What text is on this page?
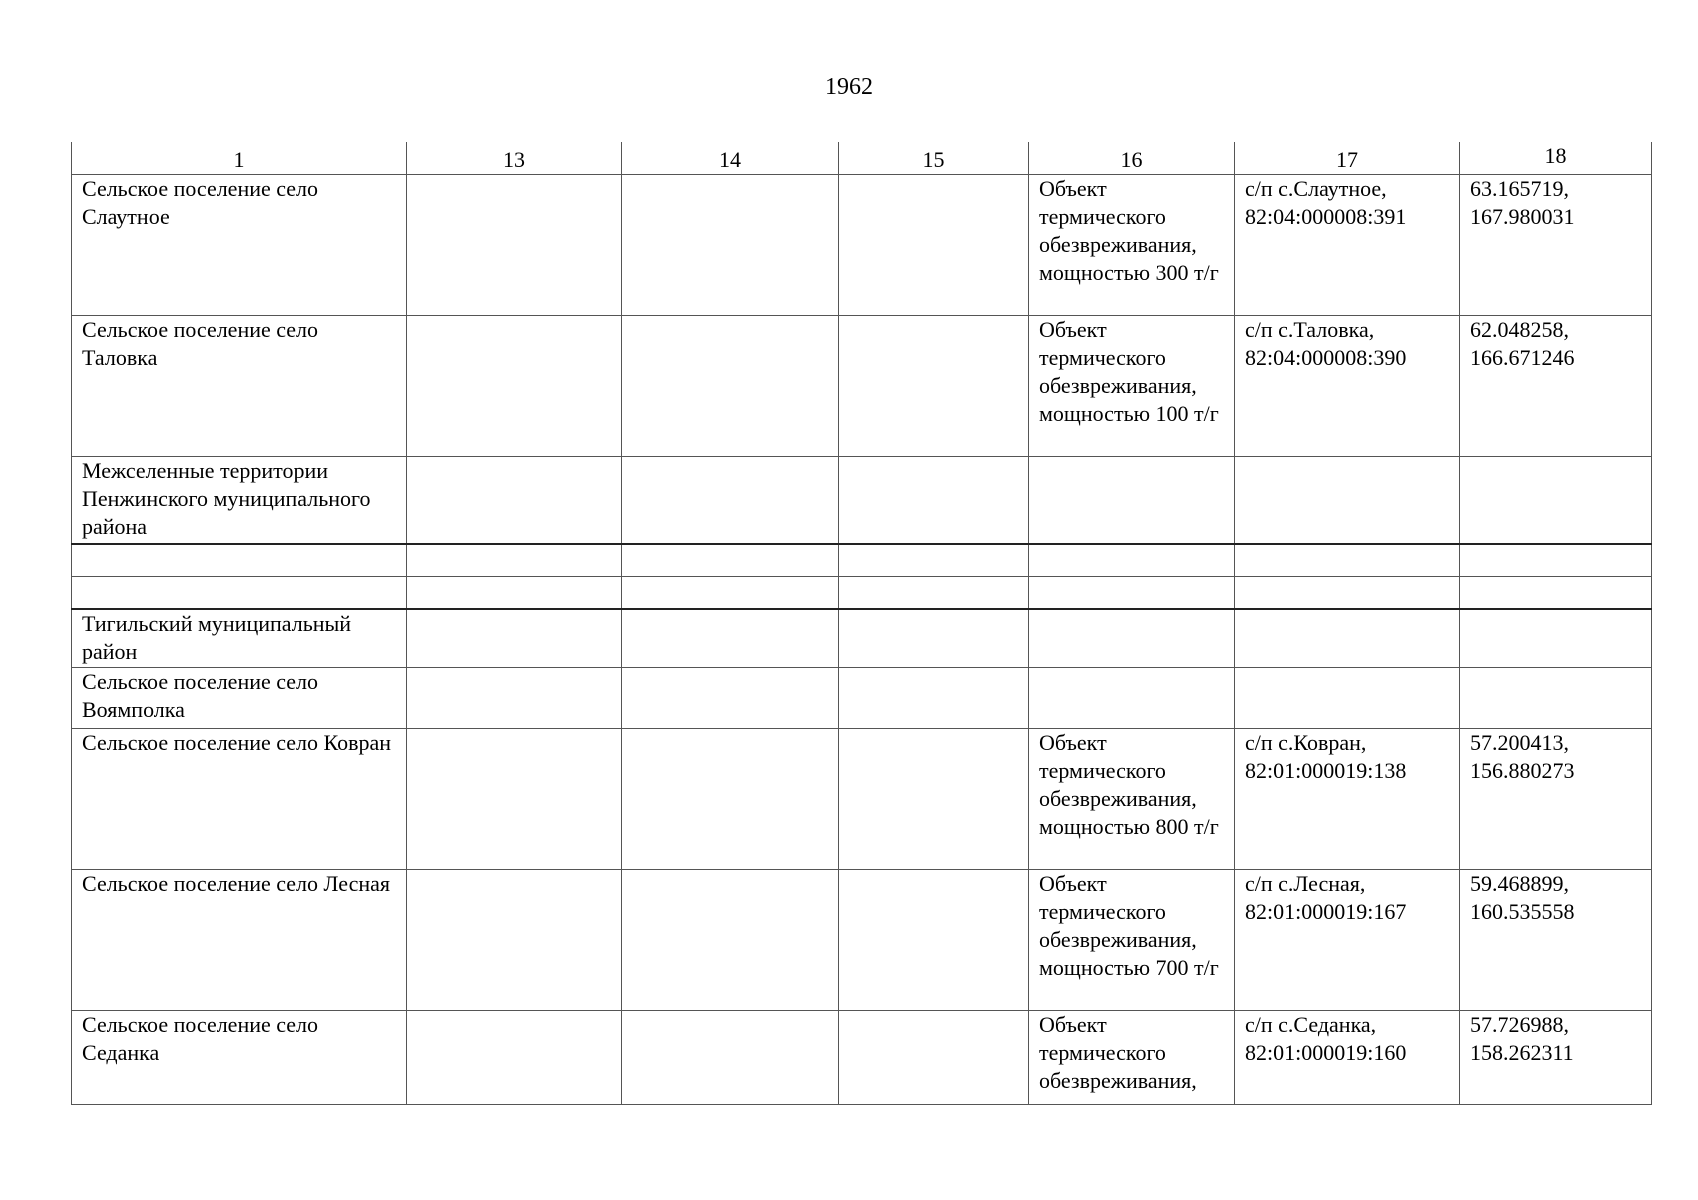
1962
1	13	14	15	16	17	18
Сельское поселение село Слаутное				Объект термического обезвреживания, мощностью 300 т/г	с/п с.Слаутное, 82:04:000008:391	63.165719, 167.980031
Сельское поселение село Таловка				Объект термического обезвреживания, мощностью 100 т/г	с/п с.Таловка, 82:04:000008:390	62.048258, 166.671246
Межселенные территории Пенжинского муниципального района						

Тигильский муниципальный район						
Сельское поселение село Воямполка						
Сельское поселение село Ковран				Объект термического обезвреживания, мощностью 800 т/г	с/п с.Ковран, 82:01:000019:138	57.200413, 156.880273
Сельское поселение село Лесная				Объект термического обезвреживания, мощностью 700 т/г	с/п с.Лесная, 82:01:000019:167	59.468899, 160.535558
Сельское поселение село Седанка				Объект термического обезвреживания,	с/п с.Седанка, 82:01:000019:160	57.726988, 158.262311
